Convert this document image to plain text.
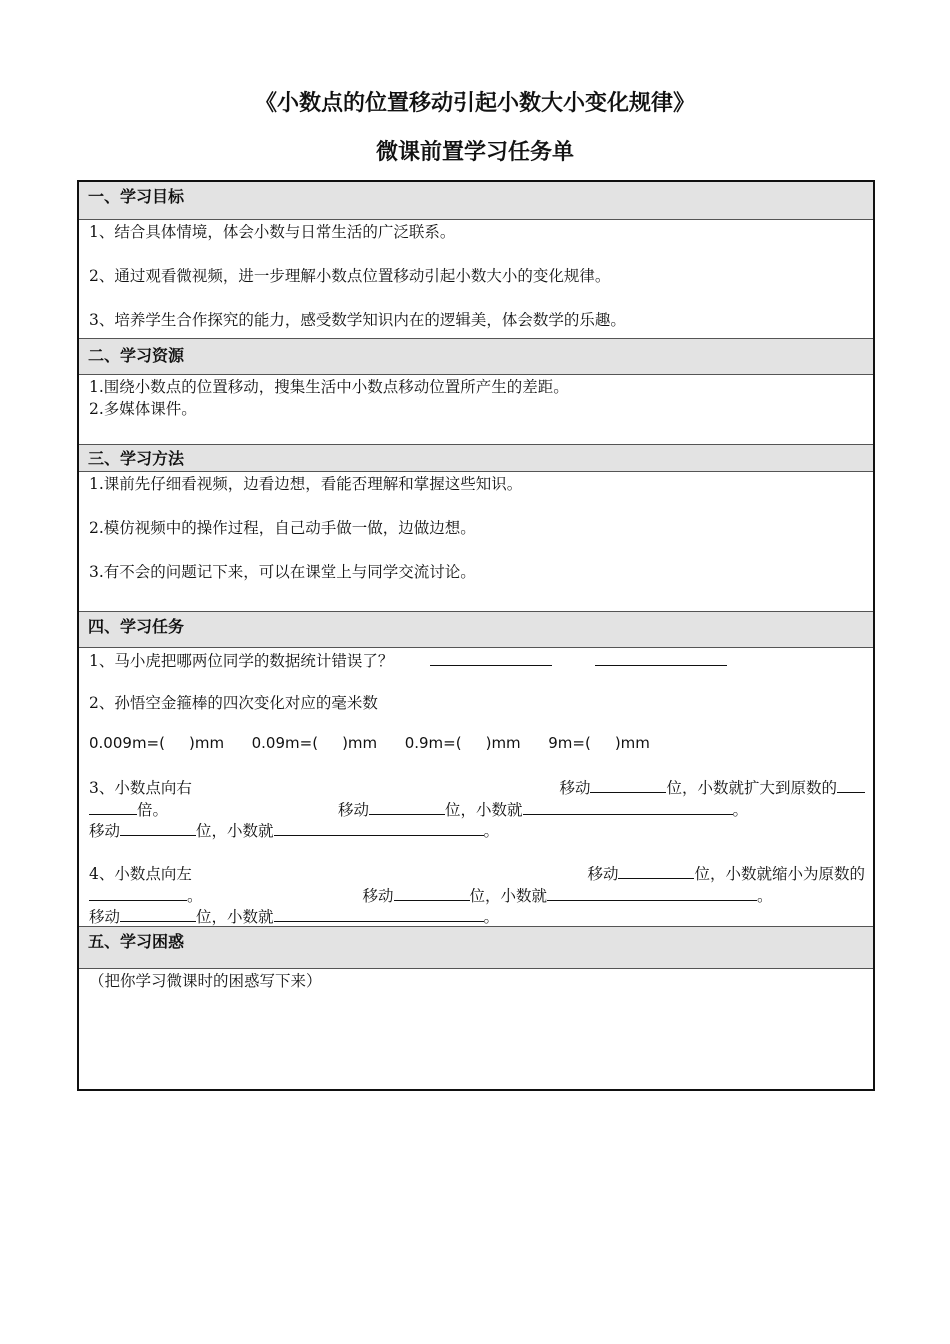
《小数点的位置移动引起小数大小变化规律》
微课前置学习任务单
一、学习目标
1、结合具体情境，体会小数与日常生活的广泛联系。
2、通过观看微视频，进一步理解小数点位置移动引起小数大小的变化规律。
3、培养学生合作探究的能力，感受数学知识内在的逻辑美，体会数学的乐趣。
二、学习资源
1.围绕小数点的位置移动，搜集生活中小数点移动位置所产生的差距。
2.多媒体课件。
三、学习方法
1.课前先仔细看视频，边看边想，看能否理解和掌握这些知识。
2.模仿视频中的操作过程，自己动手做一做，边做边想。
3.有不会的问题记下来，可以在课堂上与同学交流讨论。
四、学习任务
1、马小虎把哪两位同学的数据统计错误了？
2、孙悟空金箍棒的四次变化对应的毫米数
0.009m=( )mm 0.09m=( )mm 0.9m=( )mm 9m=( )mm
3、小数点向右	移动	位，小数就扩大到原数的
倍。	移动	位，小数就	。
移动	位，小数就	。
4、小数点向左	移动	位，小数就缩小为原数的
。	移动	位，小数就	。
移动	位，小数就	。
五、学习困惑
（把你学习微课时的困惑写下来）
